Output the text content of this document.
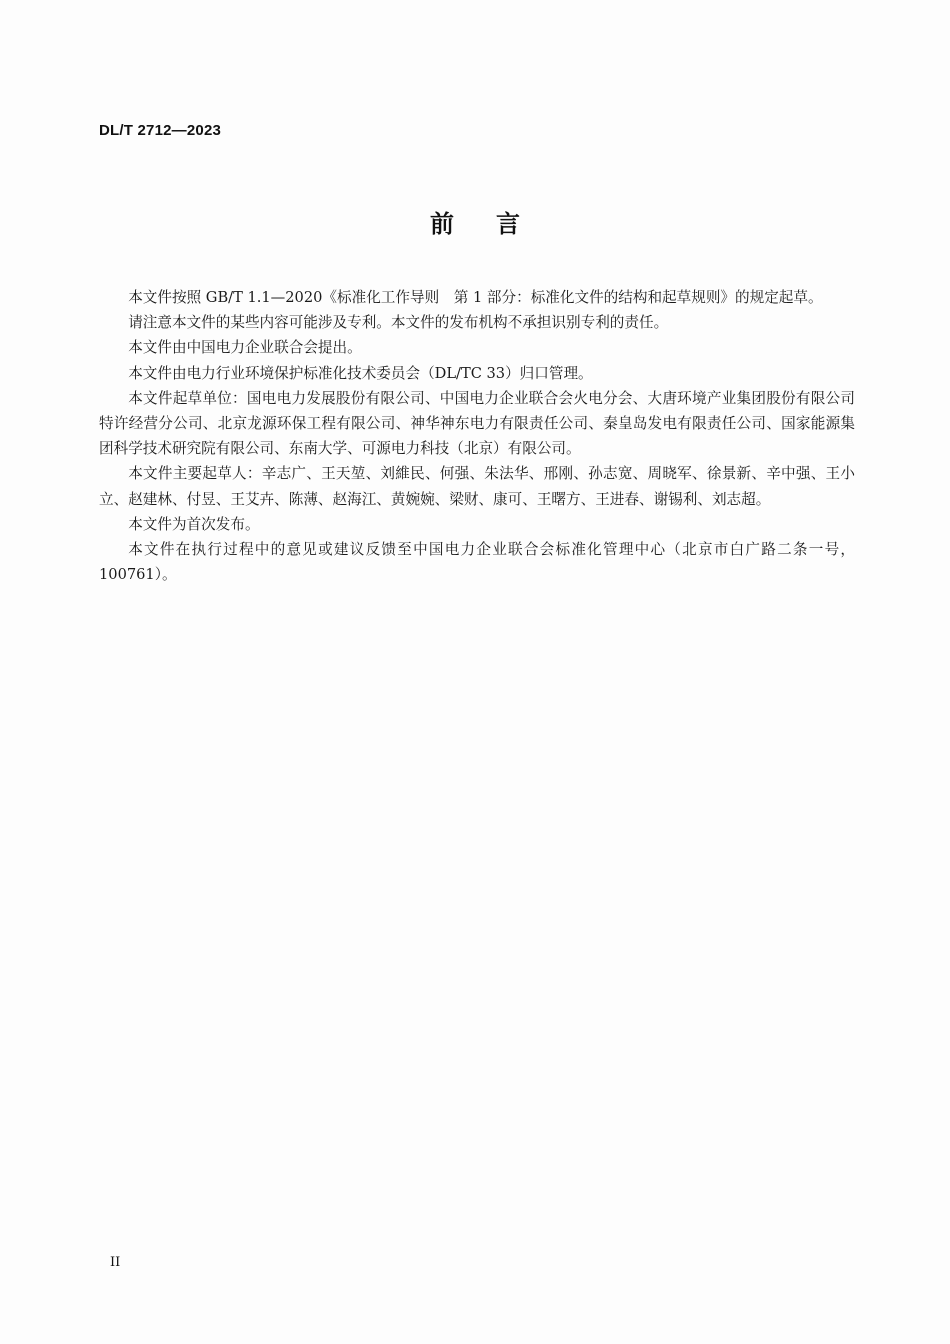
DL/T 2712—2023
前言

本文件按照 GB/T 1.1—2020《标准化工作导则　第 1 部分：标准化文件的结构和起草规则》的规定起草。

请注意本文件的某些内容可能涉及专利。本文件的发布机构不承担识别专利的责任。

本文件由中国电力企业联合会提出。

本文件由电力行业环境保护标准化技术委员会（DL/TC 33）归口管理。

本文件起草单位：国电电力发展股份有限公司、中国电力企业联合会火电分会、大唐环境产业集团股份有限公司特许经营分公司、北京龙源环保工程有限公司、神华神东电力有限责任公司、秦皇岛发电有限责任公司、国家能源集团科学技术研究院有限公司、东南大学、可源电力科技（北京）有限公司。

本文件主要起草人：辛志广、王天堃、刘維民、何强、朱法华、邢刚、孙志宽、周晓军、徐景新、辛中强、王小立、赵建林、付昱、王艾卉、陈薄、赵海江、黄婉婉、梁财、康可、王曙方、王进春、谢锡利、刘志超。

本文件为首次发布。

本文件在执行过程中的意见或建议反馈至中国电力企业联合会标准化管理中心（北京市白广路二条一号，100761）。

II
